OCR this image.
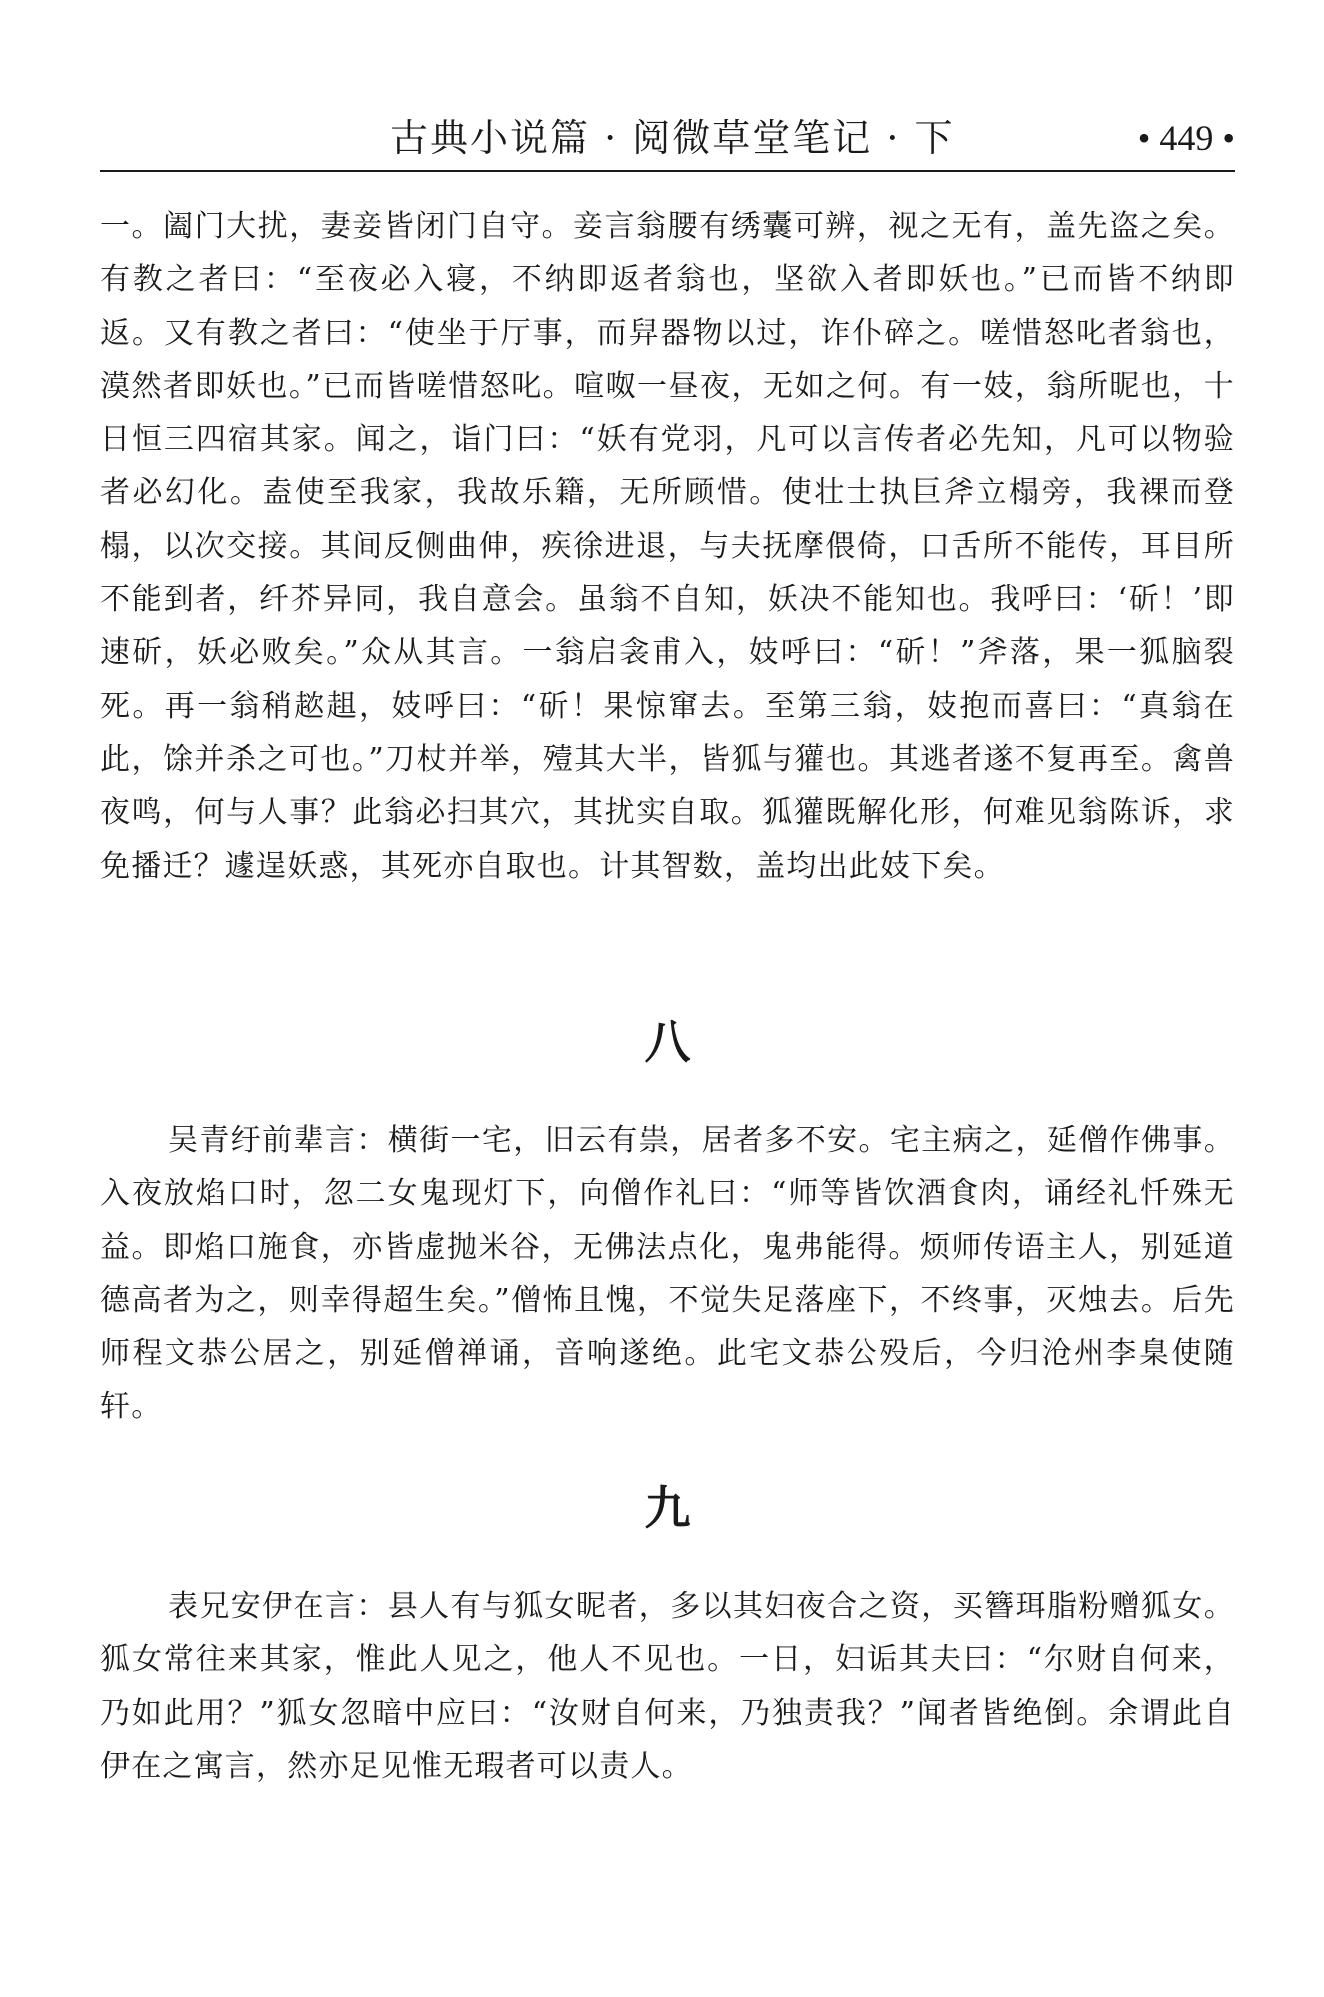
古典小说篇 · 阅微草堂笔记 · 下	• 449 •

一。阖门大扰，妻妾皆闭门自守。妾言翁腰有绣囊可辨，视之无有，盖先盗之矣。有教之者曰：“至夜必入寝，不纳即返者翁也，坚欲入者即妖也。”已而皆不纳即返。又有教之者曰：“使坐于厅事，而舁器物以过，诈仆碎之。嗟惜怒叱者翁也，漠然者即妖也。”已而皆嗟惜怒叱。喧呶一昼夜，无如之何。有一妓，翁所昵也，十日恒三四宿其家。闻之，诣门曰：“妖有党羽，凡可以言传者必先知，凡可以物验者必幻化。盍使至我家，我故乐籍，无所顾惜。使壮士执巨斧立榻旁，我裸而登榻，以次交接。其间反侧曲伸，疾徐进退，与夫抚摩偎倚，口舌所不能传，耳目所不能到者，纤芥异同，我自意会。虽翁不自知，妖决不能知也。我呼曰：‘斫！’即速斫，妖必败矣。”众从其言。一翁启衾甫入，妓呼曰：“斫！”斧落，果一狐脑裂死。再一翁稍趑趄，妓呼曰：“斫！果惊窜去。至第三翁，妓抱而喜曰：“真翁在此，馀并杀之可也。”刀杖并举，殪其大半，皆狐与獾也。其逃者遂不复再至。禽兽夜鸣，何与人事？此翁必扫其穴，其扰实自取。狐獾既解化形，何难见翁陈诉，求免播迁？遽逞妖惑，其死亦自取也。计其智数，盖均出此妓下矣。

八

吴青纡前辈言：横街一宅，旧云有祟，居者多不安。宅主病之，延僧作佛事。入夜放焰口时，忽二女鬼现灯下，向僧作礼曰：“师等皆饮酒食肉，诵经礼忏殊无益。即焰口施食，亦皆虚抛米谷，无佛法点化，鬼弗能得。烦师传语主人，别延道德高者为之，则幸得超生矣。”僧怖且愧，不觉失足落座下，不终事，灭烛去。后先师程文恭公居之，别延僧禅诵，音响遂绝。此宅文恭公殁后，今归沧州李臬使随轩。

九

表兄安伊在言：县人有与狐女昵者，多以其妇夜合之资，买簪珥脂粉赠狐女。狐女常往来其家，惟此人见之，他人不见也。一日，妇诟其夫曰：“尔财自何来，乃如此用？”狐女忽暗中应曰：“汝财自何来，乃独责我？”闻者皆绝倒。余谓此自伊在之寓言，然亦足见惟无瑕者可以责人。
